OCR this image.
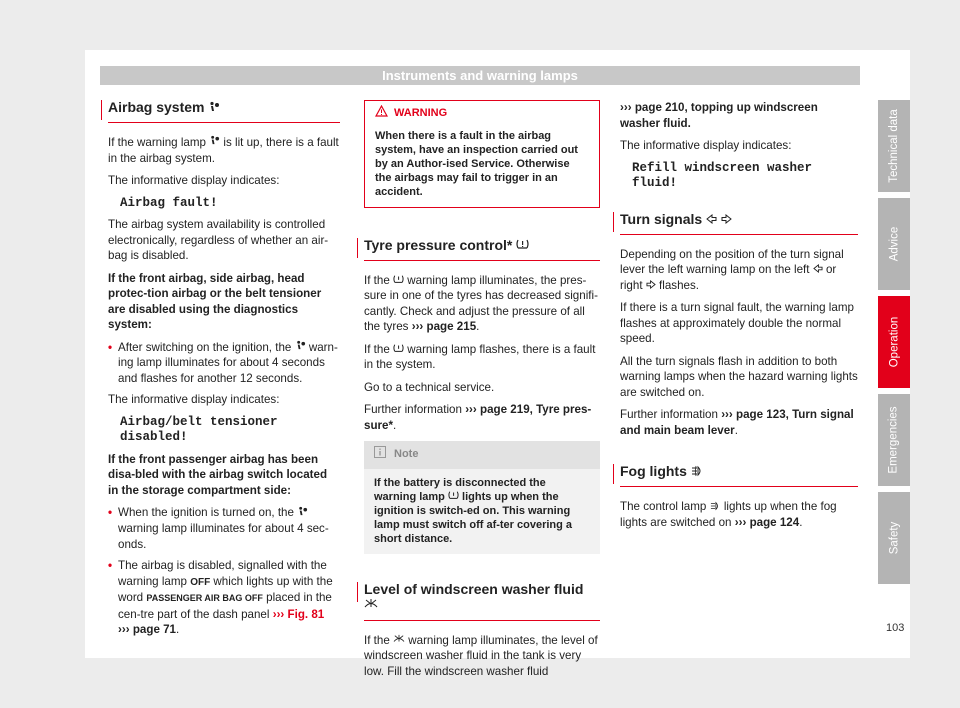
Instruments and warning lamps
Airbag system

If the warning lamp is lit up, there is a fault in the airbag system.

The informative display indicates:

Airbag fault!

The airbag system availability is controlled electronically, regardless of whether an air-bag is disabled.

If the front airbag, side airbag, head protec-tion airbag or the belt tensioner are disabled using the diagnostics system:

• After switching on the ignition, the warn-ing lamp illuminates for about 4 seconds and flashes for another 12 seconds.

The informative display indicates:

Airbag/belt tensioner disabled!

If the front passenger airbag has been disa-bled with the airbag switch located in the storage compartment side:

• When the ignition is turned on, the  warning lamp illuminates for about 4 sec-onds.
• The airbag is disabled, signalled with the warning lamp OFF which lights up with the word PASSENGER AIR BAG OFF placed in the cen-tre part of the dash panel ››› Fig. 81
››› page 71.
WARNING
When there is a fault in the airbag system, have an inspection carried out by an Author-ised Service. Otherwise the airbags may fail to trigger in an accident.
Tyre pressure control*

If the warning lamp illuminates, the pres-sure in one of the tyres has decreased signifi-cantly. Check and adjust the pressure of all the tyres ››› page 215.

If the warning lamp flashes, there is a fault in the system.

Go to a technical service.

Further information ››› page 219, Tyre pres-sure*.

Note
If the battery is disconnected the warning lamp lights up when the ignition is switch-ed on. This warning lamp must switch off af-ter covering a short distance.
Level of windscreen washer fluid

If the warning lamp illuminates, the level of windscreen washer fluid in the tank is very low. Fill the windscreen washer fluid

››› page 210, topping up windscreen washer fluid.

The informative display indicates:

Refill windscreen washer fluid!
Turn signals

Depending on the position of the turn signal lever the left warning lamp on the left or right flashes.

If there is a turn signal fault, the warning lamp flashes at approximately double the normal speed.

All the turn signals flash in addition to both warning lamps when the hazard warning lights are switched on.

Further information ››› page 123, Turn signal and main beam lever.

Fog lights

The control lamp lights up when the fog lights are switched on ››› page 124.

Technical data
Advice
Operation
Emergencies
Safety
103
